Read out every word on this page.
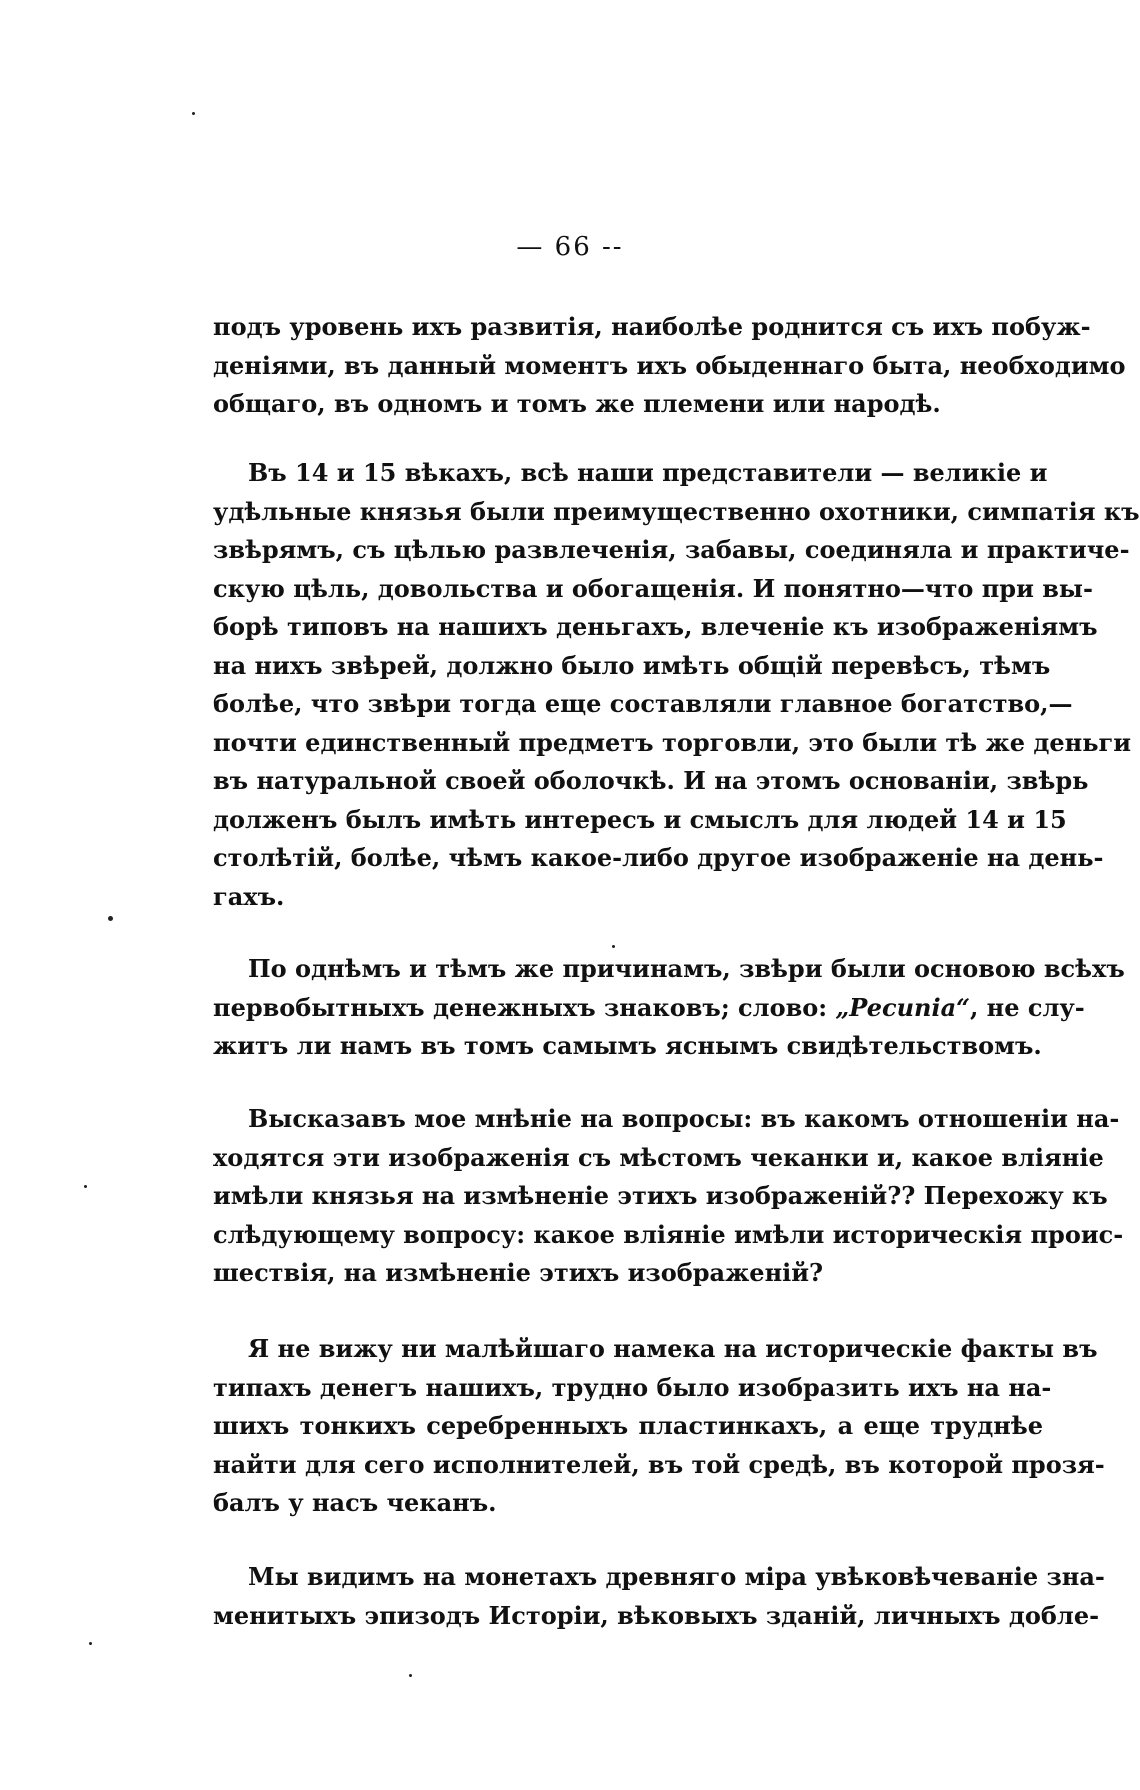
— 66 --
подъ уровень ихъ развитія, наиболѣе роднится съ ихъ побуж-
деніями, въ данный моментъ ихъ обыденнаго быта, необходимо
общаго, въ одномъ и томъ же племени или народѣ.
Въ 14 и 15 вѣкахъ, всѣ наши представители — великіе и
удѣльные князья были преимущественно охотники, симпатія къ
звѣрямъ, съ цѣлью развлеченія, забавы, соединяла и практиче-
скую цѣль, довольства и обогащенія. И понятно—что при вы-
борѣ типовъ на нашихъ деньгахъ, влеченіе къ изображеніямъ
на нихъ звѣрей, должно было имѣть общій перевѣсъ, тѣмъ
болѣе, что звѣри тогда еще составляли главное богатство,—
почти единственный предметъ торговли, это были тѣ же деньги
въ натуральной своей оболочкѣ. И на этомъ основаніи, звѣрь
долженъ былъ имѣть интересъ и смыслъ для людей 14 и 15
столѣтій, болѣе, чѣмъ какое-либо другое изображеніе на день-
гахъ.
По однѣмъ и тѣмъ же причинамъ, звѣри были основою всѣхъ
первобытныхъ денежныхъ знаковъ; слово: „Pecunia“, не слу-
житъ ли намъ въ томъ самымъ яснымъ свидѣтельствомъ.
Высказавъ мое мнѣніе на вопросы: въ какомъ отношеніи на-
ходятся эти изображенія съ мѣстомъ чеканки и, какое вліяніе
имѣли князья на измѣненіе этихъ изображеній?? Перехожу къ
слѣдующему вопросу: какое вліяніе имѣли историческія проис-
шествія, на измѣненіе этихъ изображеній?
Я не вижу ни малѣйшаго намека на историческіе факты въ
типахъ денегъ нашихъ, трудно было изобразить ихъ на на-
шихъ тонкихъ серебренныхъ пластинкахъ, а еще труднѣе
найти для сего исполнителей, въ той средѣ, въ которой прозя-
балъ у насъ чеканъ.
Мы видимъ на монетахъ древняго міра увѣковѣчеваніе зна-
менитыхъ эпизодъ Исторіи, вѣковыхъ зданій, личныхъ добле-
